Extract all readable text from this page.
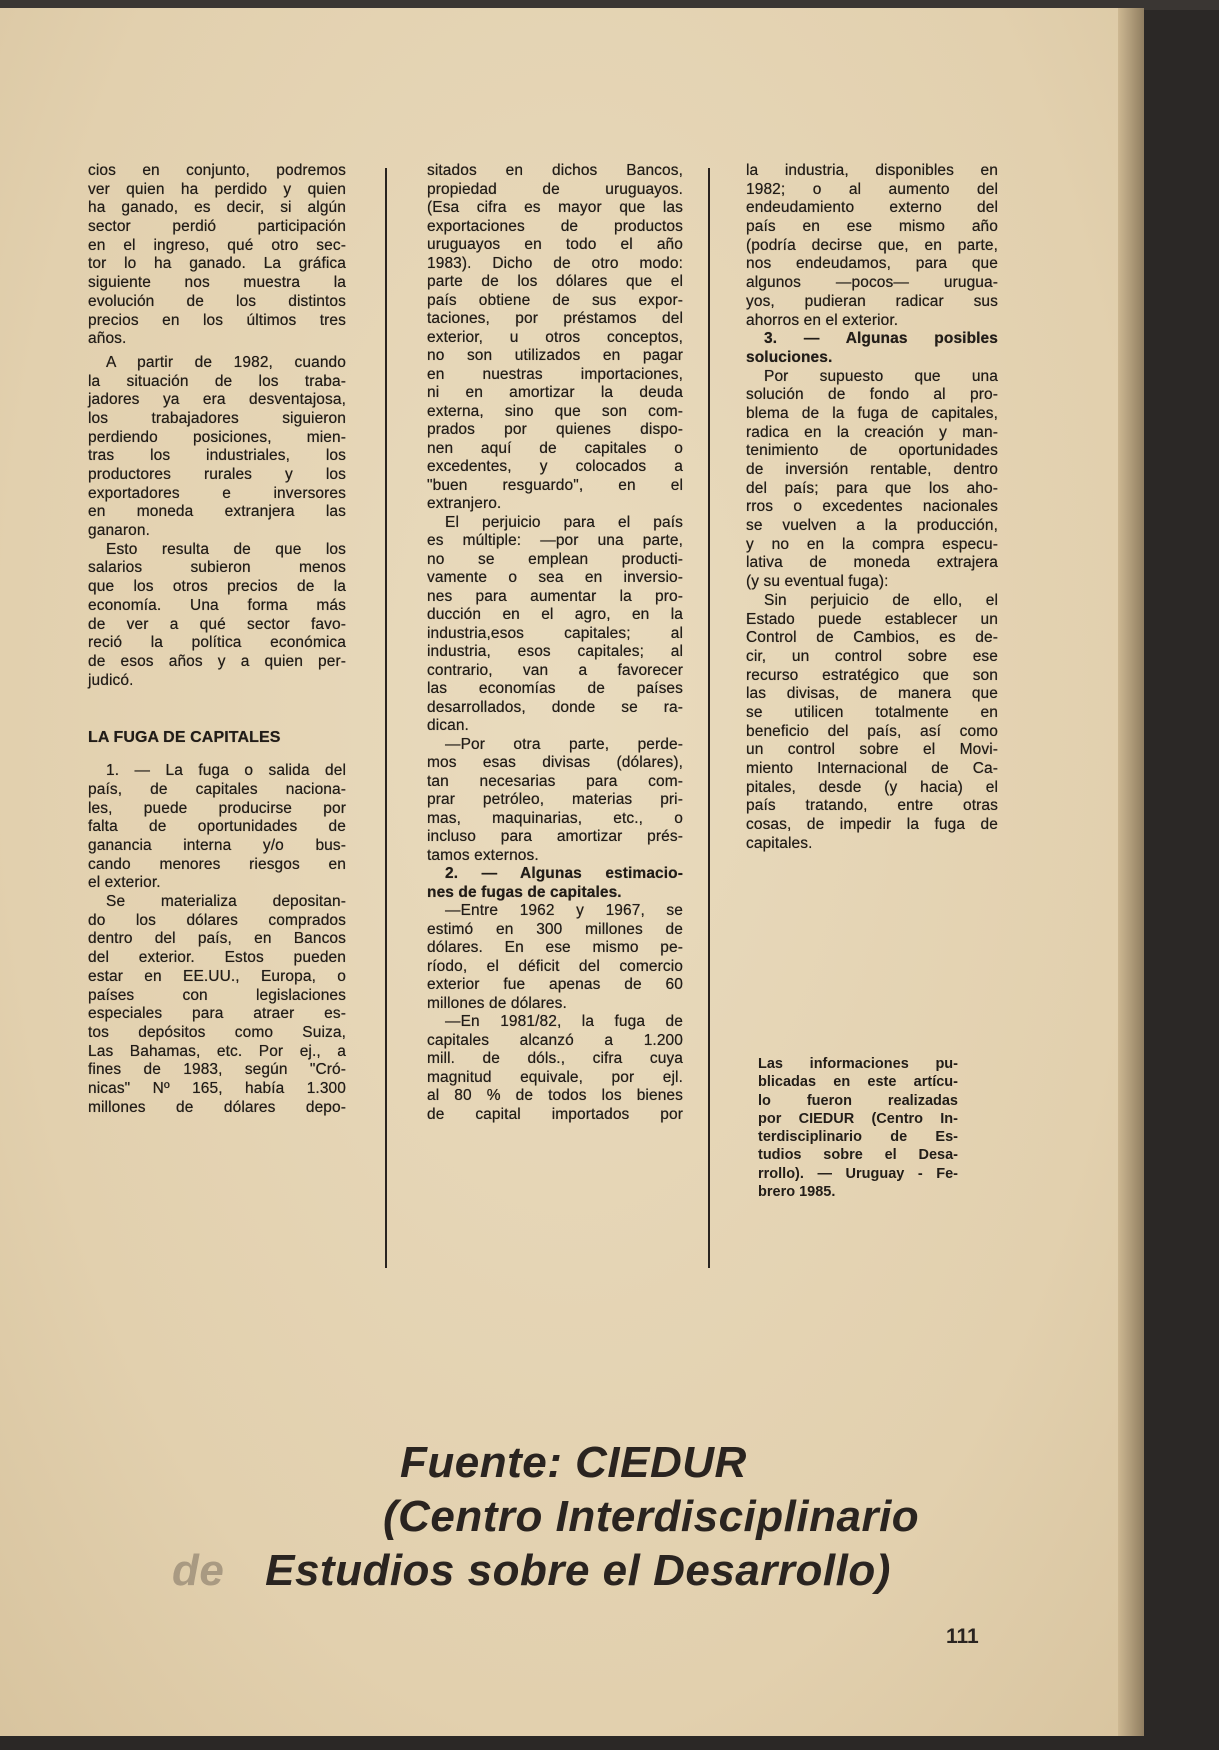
cios en conjunto, podremos
ver quien ha perdido y quien
ha ganado, es decir, si algún
sector perdió participación
en el ingreso, qué otro sec-
tor lo ha ganado. La gráfica
siguiente nos muestra la
evolución de los distintos
precios en los últimos tres
años.
A partir de 1982, cuando
la situación de los traba-
jadores ya era desventajosa,
los trabajadores siguieron
perdiendo posiciones, mien-
tras los industriales, los
productores rurales y los
exportadores e inversores
en moneda extranjera las
ganaron.
Esto resulta de que los
salarios subieron menos
que los otros precios de la
economía. Una forma más
de ver a qué sector favo-
reció la política económica
de esos años y a quien per-
judicó.
LA FUGA DE CAPITALES
1. — La fuga o salida del
país, de capitales naciona-
les, puede producirse por
falta de oportunidades de
ganancia interna y/o bus-
cando menores riesgos en
el exterior.
Se materializa depositan-
do los dólares comprados
dentro del país, en Bancos
del exterior. Estos pueden
estar en EE.UU., Europa, o
países con legislaciones
especiales para atraer es-
tos depósitos como Suiza,
Las Bahamas, etc. Por ej., a
fines de 1983, según "Cró-
nicas" Nº 165, había 1.300
millones de dólares depo-
sitados en dichos Bancos,
propiedad de uruguayos.
(Esa cifra es mayor que las
exportaciones de productos
uruguayos en todo el año
1983). Dicho de otro modo:
parte de los dólares que el
país obtiene de sus expor-
taciones, por préstamos del
exterior, u otros conceptos,
no son utilizados en pagar
en nuestras importaciones,
ni en amortizar la deuda
externa, sino que son com-
prados por quienes dispo-
nen aquí de capitales o
excedentes, y colocados a
"buen resguardo", en el
extranjero.
El perjuicio para el país
es múltiple: —por una parte,
no se emplean producti-
vamente o sea en inversio-
nes para aumentar la pro-
ducción en el agro, en la
industria,esos capitales; al
industria, esos capitales; al
contrario, van a favorecer
las economías de países
desarrollados, donde se ra-
dican.
—Por otra parte, perde-
mos esas divisas (dólares),
tan necesarias para com-
prar petróleo, materias pri-
mas, maquinarias, etc., o
incluso para amortizar prés-
tamos externos.
2. — Algunas estimacio-
nes de fugas de capitales.
—Entre 1962 y 1967, se
estimó en 300 millones de
dólares. En ese mismo pe-
ríodo, el déficit del comercio
exterior fue apenas de 60
millones de dólares.
—En 1981/82, la fuga de
capitales alcanzó a 1.200
mill. de dóls., cifra cuya
magnitud equivale, por ejl.
al 80 % de todos los bienes
de capital importados por
la industria, disponibles en
1982; o al aumento del
endeudamiento externo del
país en ese mismo año
(podría decirse que, en parte,
nos endeudamos, para que
algunos —pocos— urugua-
yos, pudieran radicar sus
ahorros en el exterior.
3. — Algunas posibles
soluciones.
Por supuesto que una
solución de fondo al pro-
blema de la fuga de capitales,
radica en la creación y man-
tenimiento de oportunidades
de inversión rentable, dentro
del país; para que los aho-
rros o excedentes nacionales
se vuelven a la producción,
y no en la compra especu-
lativa de moneda extrajera
(y su eventual fuga):
Sin perjuicio de ello, el
Estado puede establecer un
Control de Cambios, es de-
cir, un control sobre ese
recurso estratégico que son
las divisas, de manera que
se utilicen totalmente en
beneficio del país, así como
un control sobre el Movi-
miento Internacional de Ca-
pitales, desde (y hacia) el
país tratando, entre otras
cosas, de impedir la fuga de
capitales.
Las informaciones pu-
blicadas en este artícu-
lo fueron realizadas
por CIEDUR (Centro In-
terdisciplinario de Es-
tudios sobre el Desa-
rrollo). — Uruguay - Fe-
brero 1985.
Fuente: CIEDUR
(Centro Interdisciplinario
de Estudios sobre el Desarrollo)
111
